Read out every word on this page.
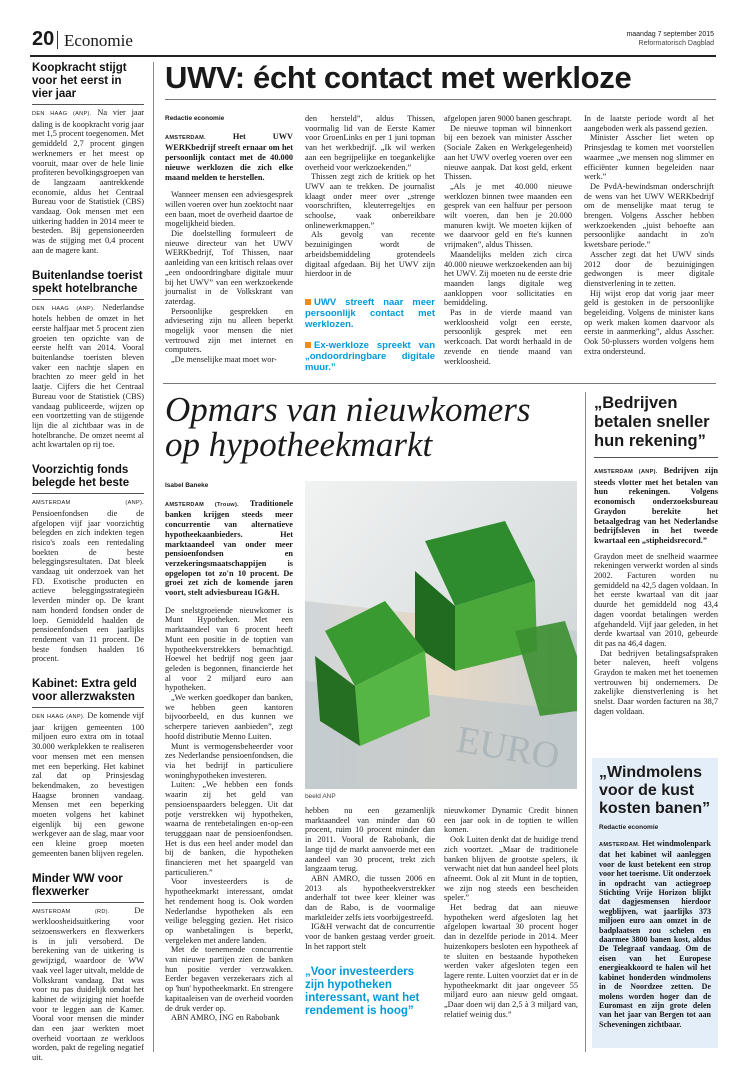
20 Economie	maandag 7 september 2015
Reformatorisch Dagblad
Koopkracht stijgt voor het eerst in vier jaar

DEN HAAG (ANP). Na vier jaar daling is de koopkracht vorig jaar met 1,5 procent toegenomen. Met gemiddeld 2,7 procent gingen werknemers er het meest op vooruit, maar over de hele linie profiteren bevolkingsgroepen van de langzaam aantrekkende economie, aldus het Centraal Bureau voor de Statistiek (CBS) vandaag. Ook mensen met een uitkering hadden in 2014 meer te besteden. Bij gepensioneerden was de stijging met 0,4 procent aan de magere kant.

Buitenlandse toerist spekt hotelbranche

DEN HAAG (ANP). Nederlandse hotels hebben de omzet in het eerste halfjaar met 5 procent zien groeien ten opzichte van de eerste helft van 2014. Vooral buitenlandse toeristen bleven vaker een nachtje slapen en brachten zo meer geld in het laatje. Cijfers die het Centraal Bureau voor de Statistiek (CBS) vandaag publiceerde, wijzen op een voortzetting van de stijgende lijn die al zichtbaar was in de hotelbranche. De omzet neemt al acht kwartalen op rij toe.

Voorzichtig fonds belegde het beste

AMSTERDAM (ANP). Pensioenfondsen die de afgelopen vijf jaar voorzichtig belegden en zich indekten tegen risico's zoals een rentedaling boekten de beste beleggingsresultaten. Dat bleek vandaag uit onderzoek van het FD. Exotische producten en actieve beleggingsstrategieën leverden minder op. De krant nam honderd fondsen onder de loep. Gemiddeld haalden de pensioenfondsen een jaarlijks rendement van 11 procent. De beste fondsen haalden 16 procent.

Kabinet: Extra geld voor allerzwaksten

DEN HAAG (ANP). De komende vijf jaar krijgen gemeenten 100 miljoen euro extra om in totaal 30.000 werkplekken te realiseren voor mensen met een mensen met een beperking. Het kabinet zal dat op Prinsjesdag bekendmaken, zo bevestigen Haagse bronnen vandaag. Mensen met een beperking moeten volgens het kabinet eigenlijk bij een gewone werkgever aan de slag, maar voor een kleine groep moeten gemeenten banen blijven regelen.

Minder WW voor flexwerker

AMSTERDAM (RD).	De werkloosheidsuitkering voor seizoenswerkers en flexwerkers is in juli versoberd. De berekening van de uitkering is gewijzigd, waardoor de WW vaak veel lager uitvalt, meldde de Volkskrant vandaag. Dat was voor nu pas duidelijk omdat het kabinet de wijziging niet hoefde voor te leggen aan de Kamer. Vooral voor mensen die minder dan een jaar werkten moet overheid voortaan ze werkloos worden, pakt de regeling negatief uit.

UWV: écht contact met werkloze
Redactie economie

AMSTERDAM.	Het UWV WERKbedrijf streeft ernaar om het persoonlijk contact met de 40.000 nieuwe werklozen die zich elke maand melden te herstellen.

Wanneer mensen een adviesgesprek willen voeren over hun zoektocht naar een baan, moet de overheid daartoe de mogelijkheid bieden.

Die doelstelling formuleert de nieuwe directeur van het UWV WERKbedrijf, Tof Thissen, naar aanleiding van een kritisch relaas over „een ondoordringbare digitale muur bij het UWV” van een werkzoekende journalist in de Volkskrant van zaterdag.

Persoonlijke gesprekken en adviesering zijn nu alleen beperkt mogelijk voor mensen die niet vertrouwd zijn met internet en computers.

„De menselijke maat moet wor-

den hersteld”, aldus Thissen, voormalig lid van de Eerste Kamer voor GroenLinks en per 1 juni topman van het werkbedrijf. „Ik wil werken aan een begrijpelijke en toegankelijke overheid voor werkzoekenden.”

Thissen zegt zich de kritiek op het UWV aan te trekken. De journalist klaagt onder meer over „strenge voorschriften, kleuterregeltjes en schoolse, vaak onbereikbare onlinewerkmappen.”

Als gevolg van recente bezuinigingen wordt de arbeidsbemiddeling grotendeels digitaal afgedaan. Bij het UWV zijn hierdoor in de

UWV streeft naar meer persoonlijk contact met werklozen.
Ex-werkloze spreekt van „ondoordringbare digitale muur.”

afgelopen jaren 9000 banen geschrapt.

De nieuwe topman wil binnenkort bij een bezoek van minister Asscher (Sociale Zaken en Werkgelegenheid) aan het UWV overleg voeren over een nieuwe aanpak. Dat kost geld, erkent Thissen.

„Als je met 40.000 nieuwe werklozen binnen twee maanden een gesprek van een halfuur per persoon wilt voeren, dan ben je 20.000 manuren kwijt. We moeten kijken of we daarvoor geld en fte's kunnen vrijmaken”, aldus Thissen.

Maandelijks melden zich circa 40.000 nieuwe werkzoekenden aan bij het UWV. Zij moeten nu de eerste drie maanden langs digitale weg aankloppen voor sollicitaties en bemiddeling.

Pas in de vierde maand van werkloosheid volgt een eerste, persoonlijk gesprek met een werkcoach. Dat wordt herhaald in de zevende en tiende maand van werkloosheid.

In de laatste periode wordt al het aangeboden werk als passend gezien.

Minister Asscher liet weten op Prinsjesdag te komen met voorstellen waarmee „we mensen nog slimmer en efficiënter kunnen begeleiden naar werk.”

De PvdA-bewindsman onderschrijft de wens van het UWV WERKbedrijf om de menselijke maat terug te brengen. Volgens Asscher hebben werkzoekenden „juist behoefte aan persoonlijke aandacht in zo'n kwetsbare periode.”

Asscher zegt dat het UWV sinds 2012 door de bezuinigingen gedwongen is meer digitale dienstverlening in te zetten.

Hij wijst erop dat vorig jaar meer geld is gestoken in de persoonlijke begeleiding. Volgens de minister kans op werk maken komen daarvoor als eerste in aanmerking”, aldus Asscher. Ook 50-plussers worden volgens hem extra ondersteund.

Opmars van nieuwkomers
op hypotheekmarkt
Isabel Baneke

AMSTERDAM (Trouw). Traditionele banken krijgen steeds meer concurrentie van alternatieve hypotheekaanbieders. Het marktaandeel van onder meer pensioenfondsen en verzekeringsmaatschappijen is opgelopen tot zo'n 10 procent. De groei zet zich de komende jaren voort, stelt adviesbureau IG&H.

De snelstgroeiende nieuwkomer is Munt Hypotheken. Met een marktaandeel van 6 procent heeft Munt een positie in de toptien van hypotheekverstrekkers bemachtigd. Hoewel het bedrijf nog geen jaar geleden is begonnen, financierde het al voor 2 miljard euro aan hypotheken.

„We werken goedkoper dan banken, we hebben geen kantoren bijvoorbeeld, en dus kunnen we scherpere tarieven aanbieden”, zegt hoofd distributie Menno Luiten.

Munt is vermogensbeheerder voor zes Nederlandse pensioenfondsen, die via het bedrijf in particuliere woninghypotheken investeren.

Luiten: „We hebben een fonds waarin zij het geld van pensioenspaarders beleggen. Uit dat potje verstrekken wij hypotheken, waarna de rentebetalingen en-op-een terugggaan naar de pensioenfondsen. Het is dus een heel ander model dan bij de banken, die hypotheken financieren met het spaargeld van particulieren.”

Voor investeerders is de hypotheekmarkt interessant, omdat het rendement hoog is. Ook worden Nederlandse hypotheken als een veilige belegging gezien. Het risico op wanbetalingen is beperkt, vergeleken met andere landen.

Met de toenemende concurrentie van nieuwe partijen zien de banken hun positie verder verzwakken. Eerder begaven verzekeraars zich al op 'hun' hypotheekmarkt. En strengere kapitaaleisen van de overheid voorden de druk verder op.

ABN AMRO, ING en Rabobank

EURO
beeld ANP

hebben nu een gezamenlijk marktaandeel van minder dan 60 procent, ruim 10 procent minder dan in 2011. Vooral de Rabobank, die lange tijd de markt aanvoerde met een aandeel van 30 procent, trekt zich langzaam terug.

ABN AMRO, die tussen 2006 en 2013 als hypotheekverstrekker anderhalf tot twee keer kleiner was dan de Rabo, is de voormalige marktleider zelfs iets voorbijgestreefd.

IG&H verwacht dat de concurrentie voor de banken gestaag verder groeit. In het rapport stelt

„Voor investeerders zijn hypotheken interessant, want het rendement is hoog”

nieuwkomer Dynamic Credit binnen een jaar ook in de toptien te willen komen.

Ook Luiten denkt dat de huidige trend zich voortzet. „Maar de traditionele banken blijven de grootste spelers, ik verwacht niet dat hun aandeel heel plots afneemt. Ook al zit Munt in de toptien, we zijn nog steeds een bescheiden speler.”

Het bedrag dat aan nieuwe hypotheken werd afgesloten lag het afgelopen kwartaal 30 procent hoger dan in dezelfde periode in 2014. Meer huizenkopers besloten een hypotheek af te sluiten en bestaande hypotheken werden vaker afgesloten tegen een lagere rente. Luiten voorziet dat er in de hypotheekmarkt dit jaar ongeveer 55 miljard euro aan nieuw geld omgaat. „Daar doen wij dan 2,5 à 3 miljard van, relatief weinig dus.”

„Bedrijven betalen sneller hun rekening”

AMSTERDAM (ANP). Bedrijven zijn steeds vlotter met het betalen van hun rekeningen. Volgens economisch onderzoeksbureau Graydon berekite het betaalgedrag van het Nederlandse bedrijfsleven in het tweede kwartaal een „stipheidsrecord.”

Graydon meet de snelheid waarmee rekeningen verwerkt worden al sinds 2002. Facturen worden nu gemiddeld na 42,5 dagen voldaan. In het eerste kwartaal van dit jaar duurde het gemiddeld nog 43,4 dagen voordat betalingen werden afgehandeld. Vijf jaar geleden, in het derde kwartaal van 2010, gebeurde dit pas na 46,4 dagen.

Dat bedrijven betalingsafspraken beter naleven, heeft volgens Graydon te maken met het toenemen vertrouwen bij ondernemers. De zakelijke dienstverlening is het snelst. Daar worden facturen na 38,7 dagen voldaan.

„Windmolens voor de kust kosten banen”
Redactie economie

AMSTERDAM. Het windmolenpark dat het kabinet wil aanleggen voor de kust betekent een strop voor het toerisme. Uit onderzoek in opdracht van actiegroep Stichting Vrije Horizon blijkt dat dagjesmensen hierdoor wegblijven, wat jaarlijks 373 miljoen euro aan omzet in de badplaatsen zou schelen en daarmee 3800 banen kost, aldus De Telegraaf vandaag. Om de eisen van het Europese energieakkoord te halen wil het kabinet honderden windmolens in de Noordzee zetten. De molens worden hoger dan de Euromast en zijn grote delen van het jaar van Bergen tot aan Scheveningen zichtbaar.
